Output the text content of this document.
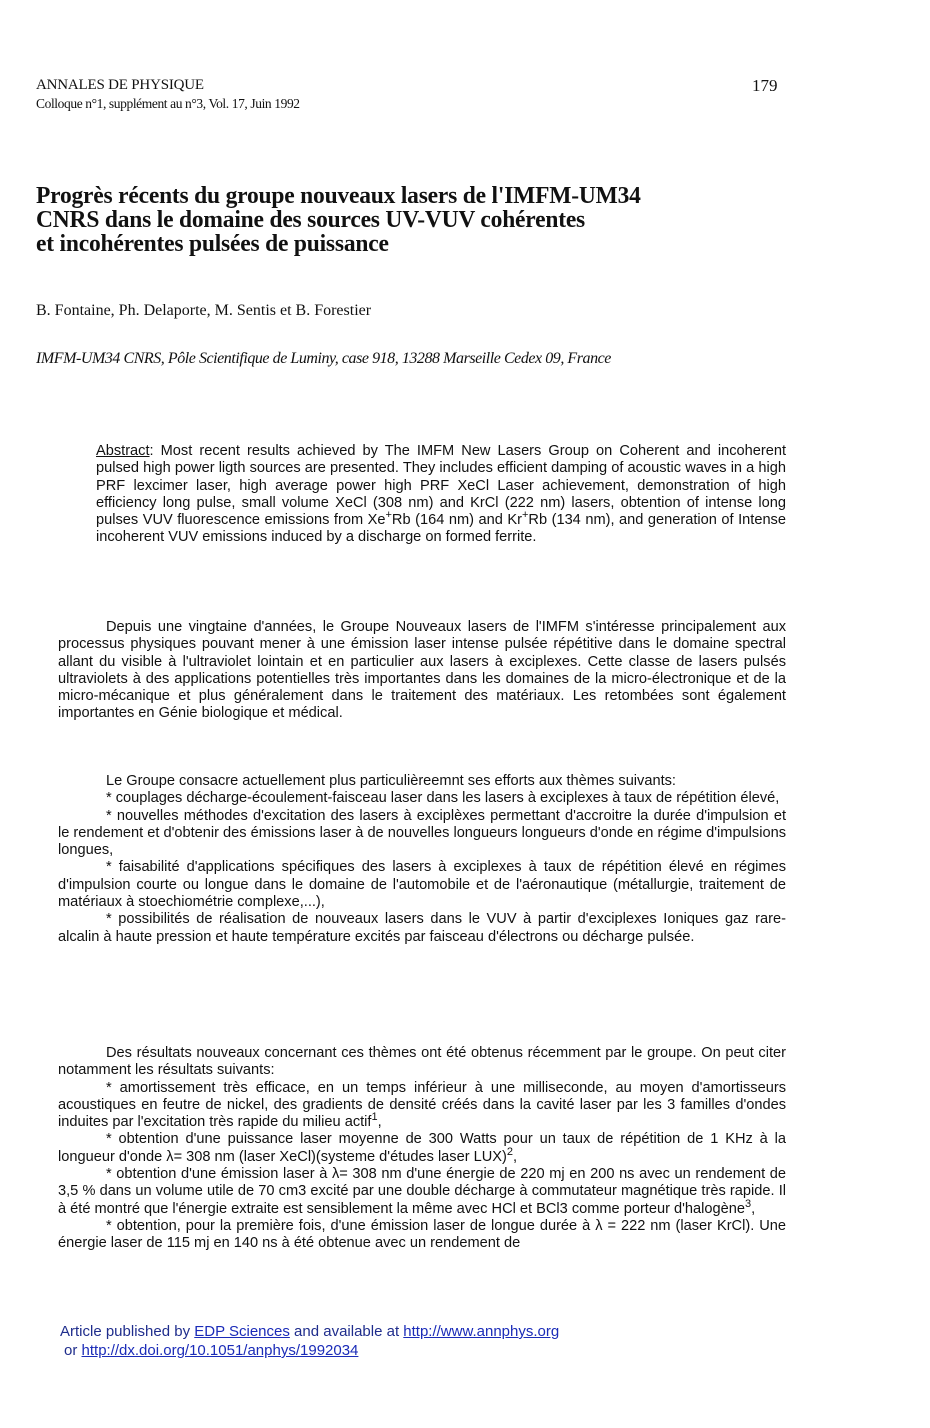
ANNALES DE PHYSIQUE
Colloque n°1, supplément au n°3, Vol. 17, Juin 1992
179
Progrès récents du groupe nouveaux lasers de l'IMFM-UM34
CNRS dans le domaine des sources UV-VUV cohérentes
et incohérentes pulsées de puissance
B. Fontaine, Ph. Delaporte, M. Sentis et B. Forestier
IMFM-UM34 CNRS, Pôle Scientifique de Luminy, case 918, 13288 Marseille Cedex 09, France
Abstract: Most recent results achieved by The IMFM New Lasers Group on Coherent and incoherent pulsed high power ligth sources are presented. They includes efficient damping of acoustic waves in a high PRF lexcimer laser, high average power high PRF XeCl Laser achievement, demonstration of high efficiency long pulse, small volume XeCl (308 nm) and KrCl (222 nm) lasers, obtention of intense long pulses VUV fluorescence emissions from Xe+Rb (164 nm) and Kr+Rb (134 nm), and generation of Intense incoherent VUV emissions induced by a discharge on formed ferrite.

Depuis une vingtaine d'années, le Groupe Nouveaux lasers de l'IMFM s'intéresse principalement aux processus physiques pouvant mener à une émission laser intense pulsée répétitive dans le domaine spectral allant du visible à l'ultraviolet lointain et en particulier aux lasers à exciplexes. Cette classe de lasers pulsés ultraviolets à des applications potentielles très importantes dans les domaines de la micro-électronique et de la micro-mécanique et plus généralement dans le traitement des matériaux. Les retombées sont également importantes en Génie biologique et médical.

Le Groupe consacre actuellement plus particulièreemnt ses efforts aux thèmes suivants:

* couplages décharge-écoulement-faisceau laser dans les lasers à exciplexes à taux de répétition élevé,

* nouvelles méthodes d'excitation des lasers à exciplèxes permettant d'accroitre la durée d'impulsion et le rendement et d'obtenir des émissions laser à de nouvelles longueurs longueurs d'onde en régime d'impulsions longues,

* faisabilité d'applications spécifiques des lasers à exciplexes à taux de répétition élevé en régimes d'impulsion courte ou longue dans le domaine de l'automobile et de l'aéronautique (métallurgie, traitement de matériaux à stoechiométrie complexe,...),

* possibilités de réalisation de nouveaux lasers dans le VUV à partir d'exciplexes Ioniques gaz rare-alcalin à haute pression et haute température excités par faisceau d'électrons ou décharge pulsée.

Des résultats nouveaux concernant ces thèmes ont été obtenus récemment par le groupe. On peut citer notamment les résultats suivants:

* amortissement très efficace, en un temps inférieur à une milliseconde, au moyen d'amortisseurs acoustiques en feutre de nickel, des gradients de densité créés dans la cavité laser par les 3 familles d'ondes induites par l'excitation très rapide du milieu actif$^1$,

* obtention d'une puissance laser moyenne de 300 Watts pour un taux de répétition de 1 KHz à la longueur d'onde λ= 308 nm (laser XeCl)(systeme d'études laser LUX)$^2$,

* obtention d'une émission laser à λ= 308 nm d'une énergie de 220 mj en 200 ns avec un rendement de 3,5 % dans un volume utile de 70 cm3 excité par une double décharge à commutateur magnétique très rapide. Il à été montré que l'énergie extraite est sensiblement la même avec HCl et BCl3 comme porteur d'halogène$^3$,

* obtention, pour la première fois, d'une émission laser de longue durée à λ = 222 nm (laser KrCl). Une énergie laser de 115 mj en 140 ns à été obtenue avec un rendement de

Article published by EDP Sciences and available at http://www.annphys.org
or http://dx.doi.org/10.1051/anphys/1992034
